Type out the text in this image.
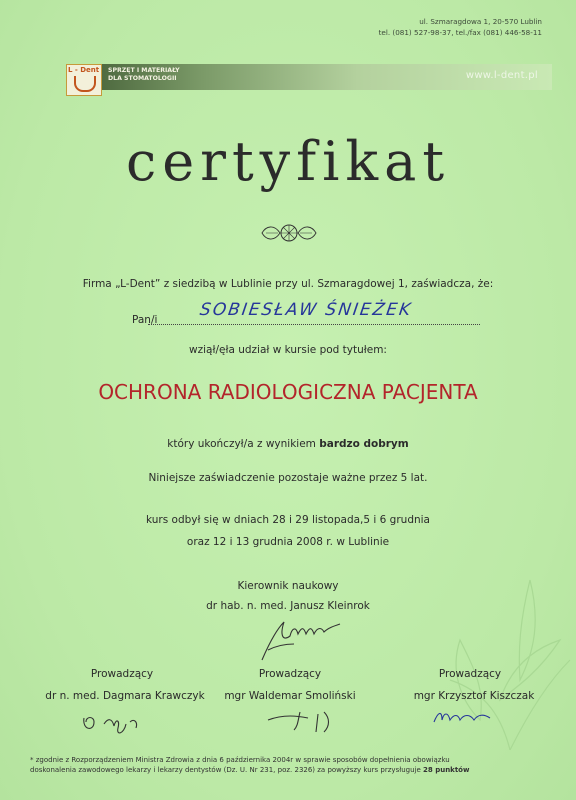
ul. Szmaragdowa 1, 20-570 Lublin
tel. (081) 527-98-37, tel./fax (081) 446-58-11
L - Dent SPRZĘT I MATERIAŁY
DLA STOMATOLOGII	www.l-dent.pl
certyfikat
Firma „L-Dent” z siedzibą w Lublinie przy ul. Szmaragdowej 1, zaświadcza, że:
Pan/i SOBIESŁAW ŚNIEŻEK
wziął/ęła udział w kursie pod tytułem:
OCHRONA RADIOLOGICZNA PACJENTA
który ukończył/a z wynikiem bardzo dobrym
Niniejsze zaświadczenie pozostaje ważne przez 5 lat.
kurs odbył się w dniach 28 i 29 listopada,5 i 6 grudnia
oraz 12 i 13 grudnia 2008 r. w Lublinie
Kierownik naukowy
dr hab. n. med. Janusz Kleinrok
Prowadzący
dr n. med. Dagmara Krawczyk
Prowadzący
mgr Waldemar Smoliński
Prowadzący
mgr Krzysztof Kiszczak
* zgodnie z Rozporządzeniem Ministra Zdrowia z dnia 6 października 2004r w sprawie sposobów dopełnienia obowiązku
doskonalenia zawodowego lekarzy i lekarzy dentystów (Dz. U. Nr 231, poz. 2326) za powyższy kurs przysługuje 28 punktów
